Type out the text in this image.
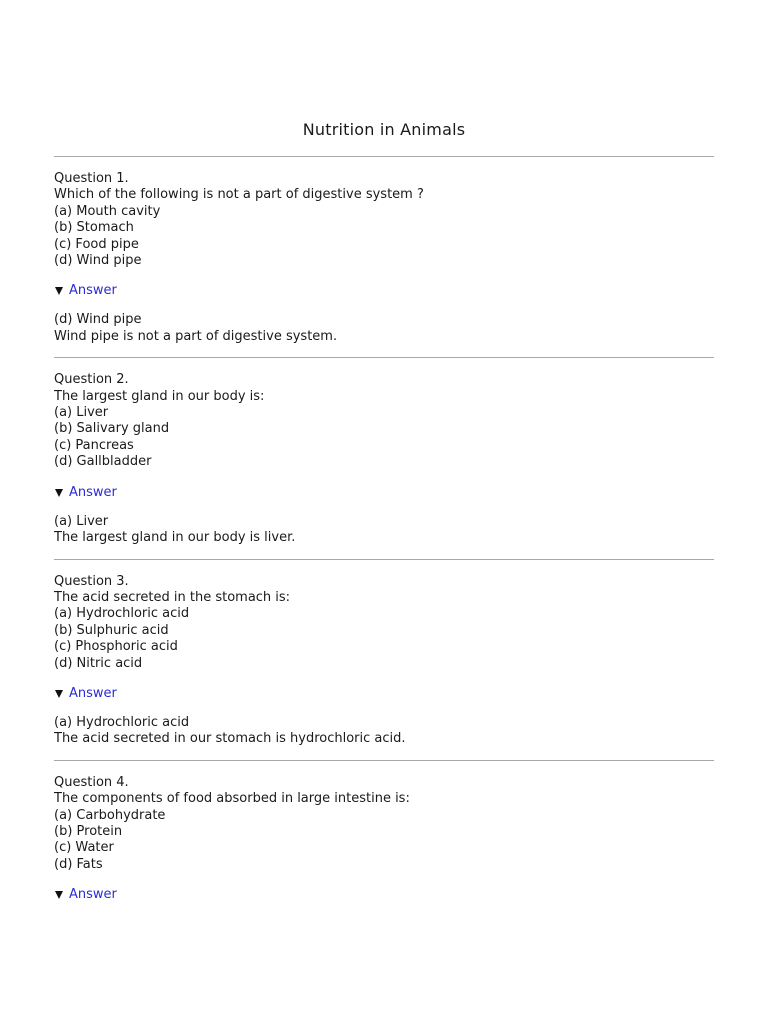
Nutrition in Animals
Question 1.
Which of the following is not a part of digestive system ?
(a) Mouth cavity
(b) Stomach
(c) Food pipe
(d) Wind pipe
Answer
(d) Wind pipe
Wind pipe is not a part of digestive system.
Question 2.
The largest gland in our body is:
(a) Liver
(b) Salivary gland
(c) Pancreas
(d) Gallbladder
Answer
(a) Liver
The largest gland in our body is liver.
Question 3.
The acid secreted in the stomach is:
(a) Hydrochloric acid
(b) Sulphuric acid
(c) Phosphoric acid
(d) Nitric acid
Answer
(a) Hydrochloric acid
The acid secreted in our stomach is hydrochloric acid.
Question 4.
The components of food absorbed in large intestine is:
(a) Carbohydrate
(b) Protein
(c) Water
(d) Fats
Answer
